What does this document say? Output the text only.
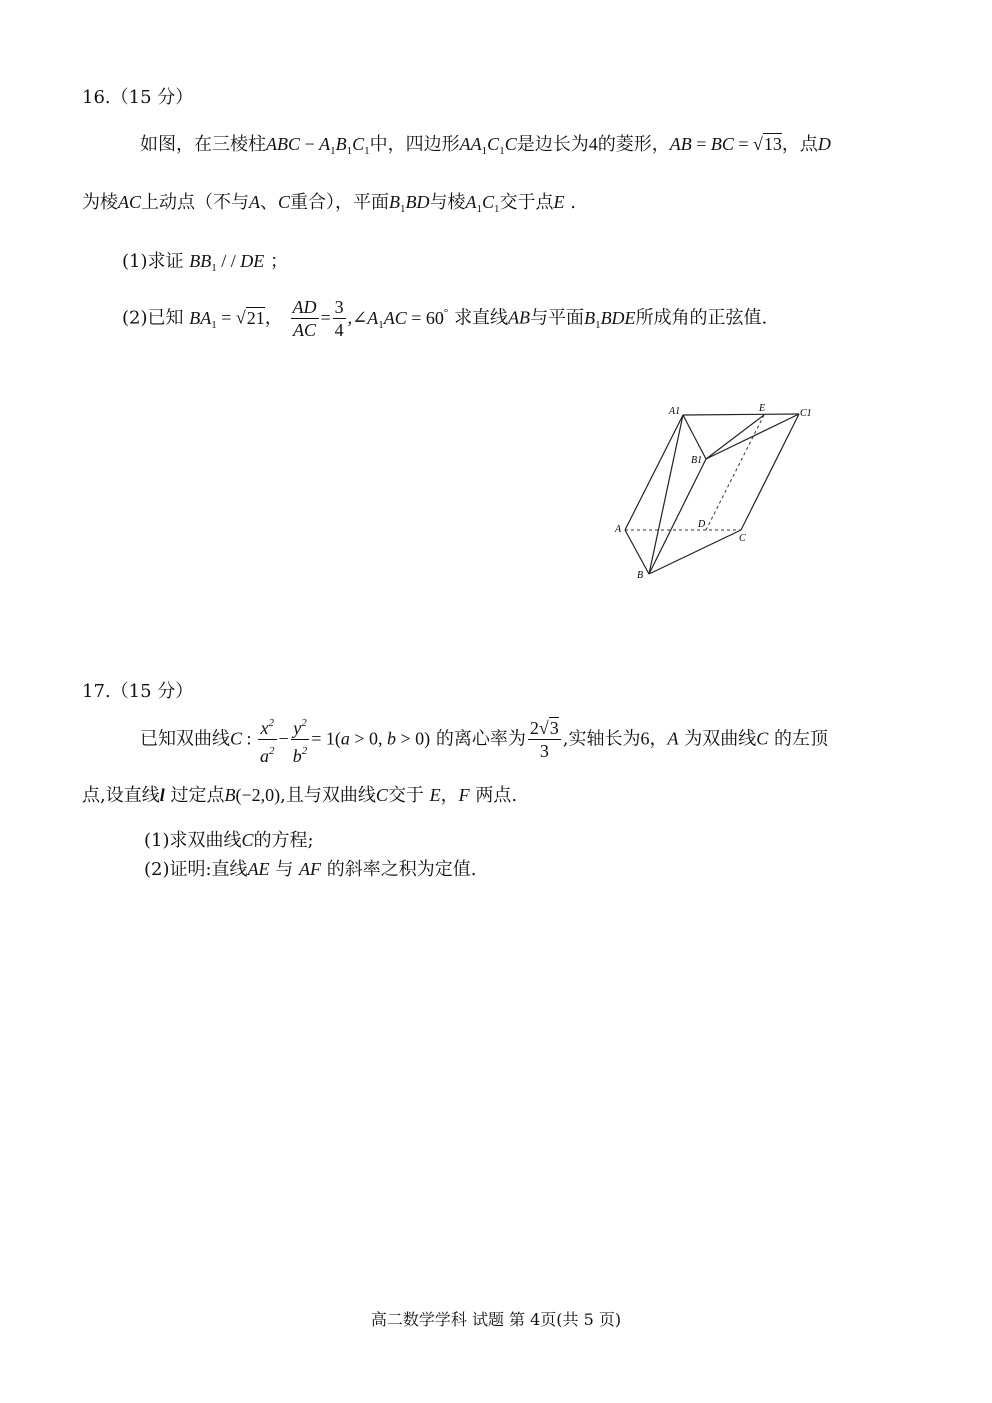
16.（15 分）
如图，在三棱柱ABC − $A_1B_1C_1$中，四边形$AA_1C_1C$是边长为4的菱形，AB = BC = √13，点D
为棱AC上动点（不与A、C重合），平面$B_1BD$与棱$A_1C_1$交于点E .
(1)求证 $BB_1$ / / DE ；
(2)已知 $BA_1 = √21$， $\frac{AD}{AC} = \frac{3}{4}$ $,\angle A_1AC = 60^\circ$ 求直线AB与平面$B_1BDE$所成角的正弦值.
A1	E	C1
B1
A	D
C
B
17.（15 分）
已知双曲线C : $\frac{x^2}{a^2} - \frac{y^2}{b^2} = 1(a > 0$, b > 0) 的离心率为 $\frac{2√3}{3}$ ,实轴长为6，A 为双曲线C 的左顶
点,设直线l 过定点B(−2,0),且与双曲线C交于 E，F 两点.
(1)求双曲线C的方程;
(2)证明:直线AE 与 AF 的斜率之积为定值.
高二数学学科 试题 第 4页(共 5 页)
